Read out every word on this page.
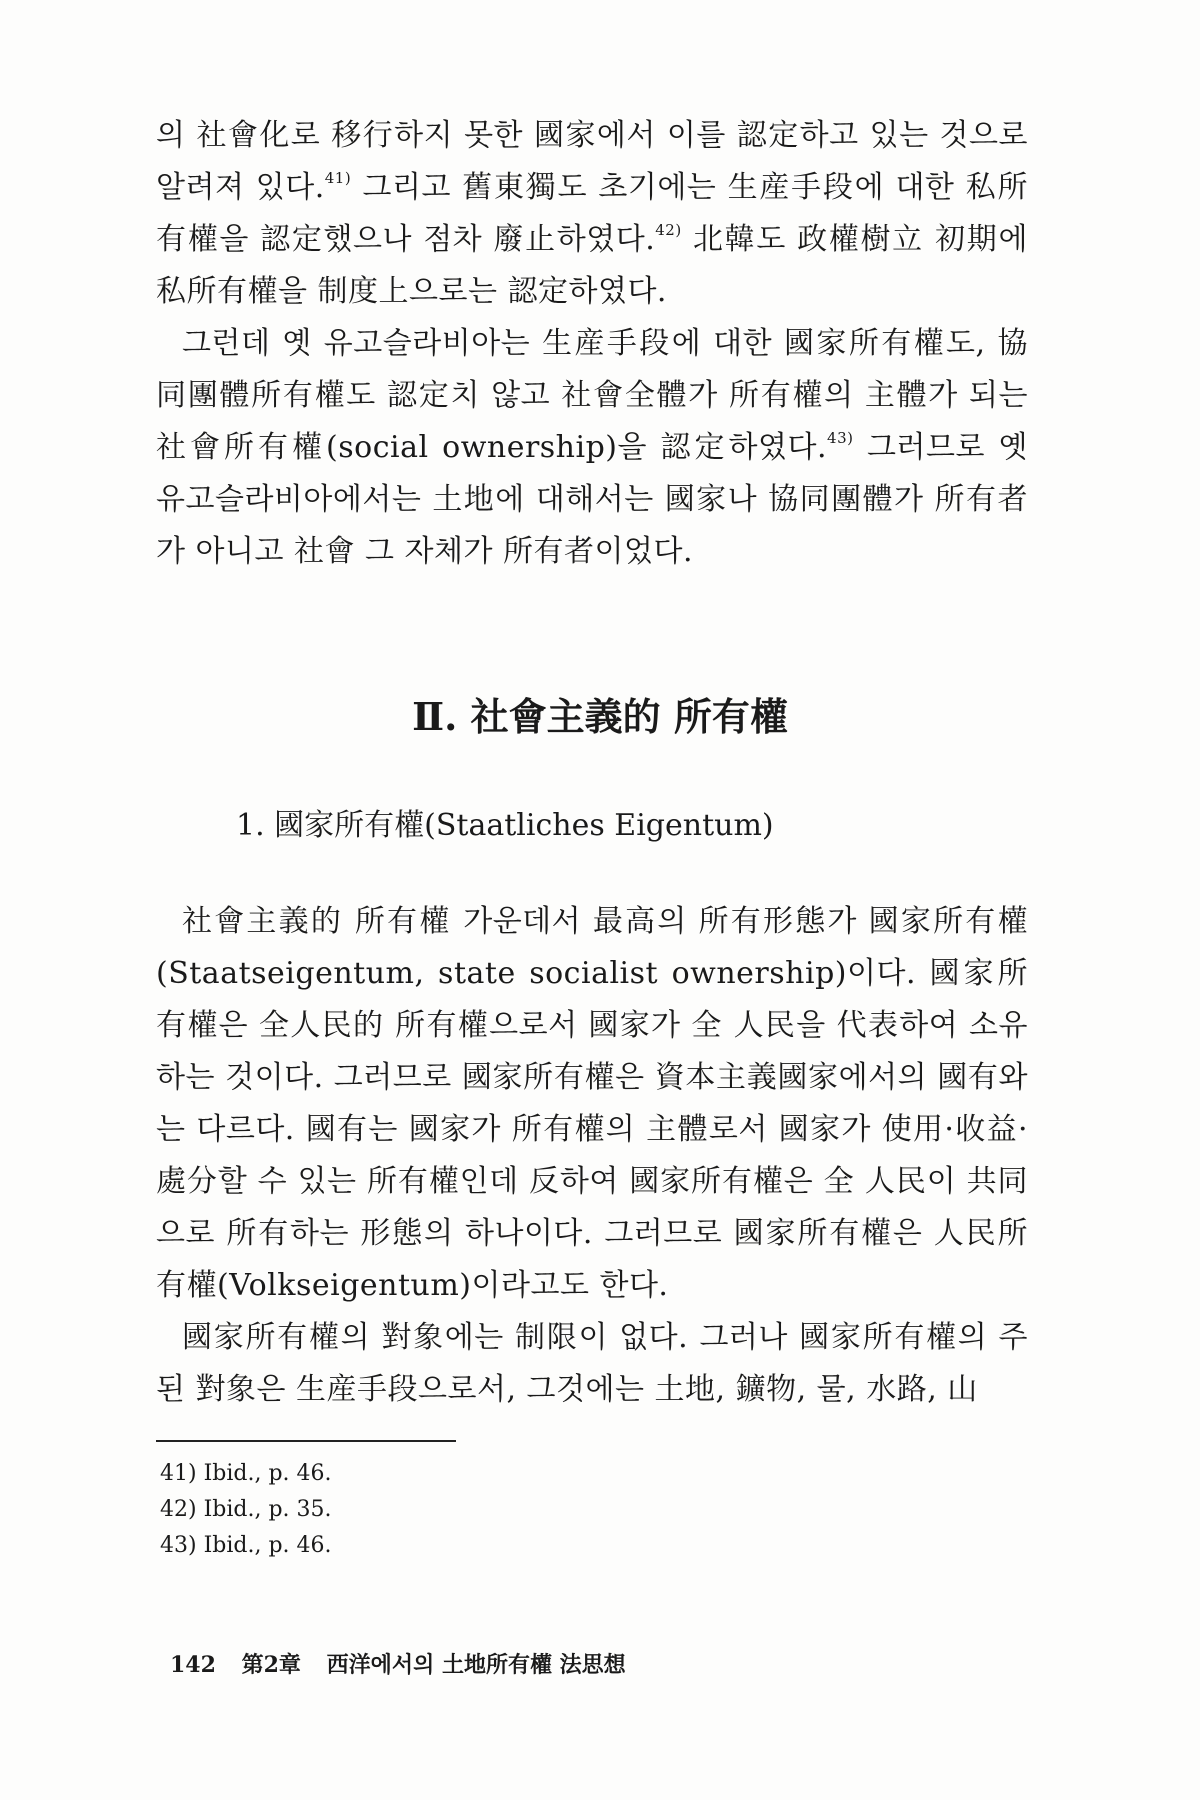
의 社會化로 移行하지 못한 國家에서 이를 認定하고 있는 것으로 알려져 있다.$^{41)}$ 그리고 舊東獨도 초기에는 生産手段에 대한 私所有權을 認定했으나 점차 廢止하였다.$^{42)}$ 北韓도 政權樹立 初期에 私所有權을 制度上으로는 認定하였다.

그런데 옛 유고슬라비아는 生産手段에 대한 國家所有權도, 協同團體所有權도 認定치 않고 社會全體가 所有權의 主體가 되는 社會所有權(social ownership)을 認定하였다.$^{43)}$ 그러므로 옛 유고슬라비아에서는 土地에 대해서는 國家나 協同團體가 所有者가 아니고 社會 그 자체가 所有者이었다.

Ⅱ. 社會主義的 所有權
1. 國家所有權(Staatliches Eigentum)

社會主義的 所有權 가운데서 最高의 所有形態가 國家所有權(Staatseigentum, state socialist ownership)이다. 國家所有權은 全人民的 所有權으로서 國家가 全 人民을 代表하여 소유하는 것이다. 그러므로 國家所有權은 資本主義國家에서의 國有와는 다르다. 國有는 國家가 所有權의 主體로서 國家가 使用·收益·處分할 수 있는 所有權인데 反하여 國家所有權은 全 人民이 共同으로 所有하는 形態의 하나이다. 그러므로 國家所有權은 人民所有權(Volkseigentum)이라고도 한다.

國家所有權의 對象에는 制限이 없다. 그러나 國家所有權의 주된 對象은 生産手段으로서, 그것에는 土地, 鑛物, 물, 水路, 山

41) Ibid., p. 46.
42) Ibid., p. 35.
43) Ibid., p. 46.
142 第2章 西洋에서의 土地所有權 法思想
